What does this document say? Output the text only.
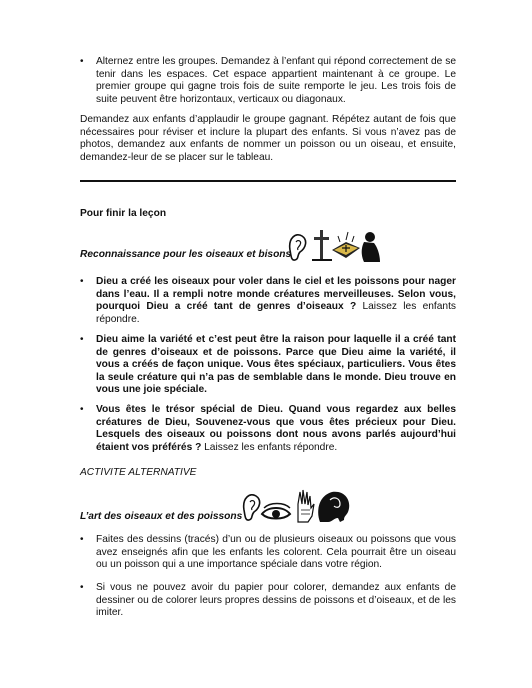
• Alternez entre les groupes. Demandez à l’enfant qui répond correctement de se tenir dans les espaces. Cet espace appartient maintenant à ce groupe. Le premier groupe qui gagne trois fois de suite remporte le jeu. Les trois fois de suite peuvent être horizontaux, verticaux ou diagonaux.
Demandez aux enfants d’applaudir le groupe gagnant. Répétez autant de fois que nécessaires pour réviser et inclure la plupart des enfants. Si vous n’avez pas de photos, demandez aux enfants de nommer un poisson ou un oiseau, et ensuite, demandez-leur de se placer sur le tableau.
Pour finir la leçon
Reconnaissance pour les oiseaux et bisons
• Dieu a créé les oiseaux pour voler dans le ciel et les poissons pour nager dans l’eau. Il a rempli notre monde créatures merveilleuses. Selon vous, pourquoi Dieu a créé tant de genres d’oiseaux ? Laissez les enfants répondre.
• Dieu aime la variété et c’est peut être la raison pour laquelle il a créé tant de genres d’oiseaux et de poissons. Parce que Dieu aime la variété, il vous a créés de façon unique. Vous êtes spéciaux, particuliers. Vous êtes la seule créature qui n’a pas de semblable dans le monde. Dieu trouve en vous une joie spéciale.
• Vous êtes le trésor spécial de Dieu. Quand vous regardez aux belles créatures de Dieu, Souvenez-vous que vous êtes précieux pour Dieu. Lesquels des oiseaux ou poissons dont nous avons parlés aujourd’hui étaient vos préférés ? Laissez les enfants répondre.
ACTIVITE ALTERNATIVE
L’art des oiseaux et des poissons
• Faites des dessins (tracés) d’un ou de plusieurs oiseaux ou poissons que vous avez enseignés afin que les enfants les colorent. Cela pourrait être un oiseau ou un poisson qui a une importance spéciale dans votre région.
• Si vous ne pouvez avoir du papier pour colorer, demandez aux enfants de dessiner ou de colorer leurs propres dessins de poissons et d’oiseaux, et de les imiter.
